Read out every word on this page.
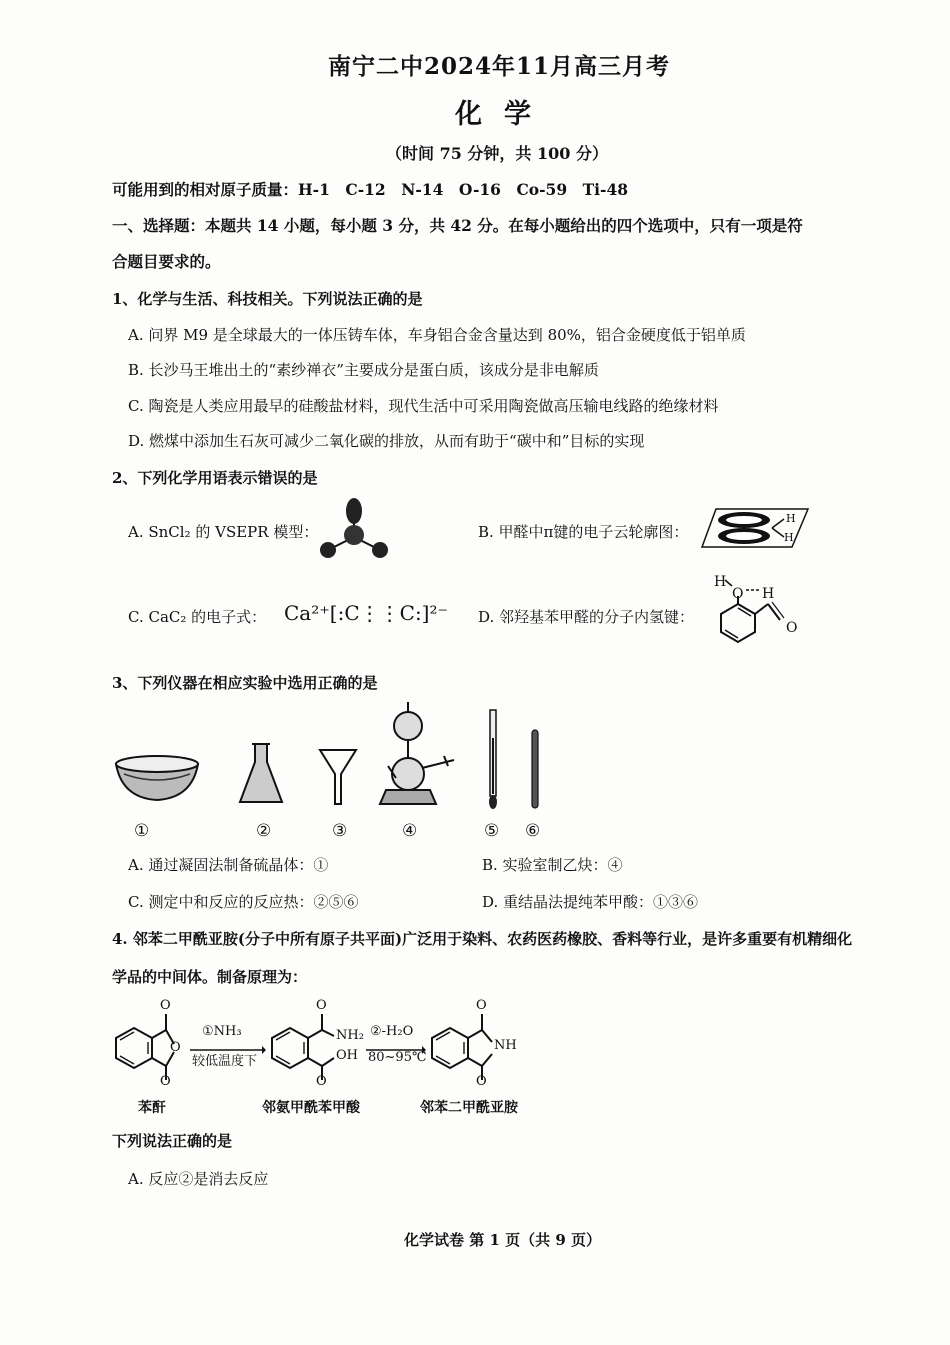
南宁二中2024年11月高三月考
化学
（时间 75 分钟，共 100 分）
可能用到的相对原子质量：H-1　C-12　N-14　O-16　Co-59　Ti-48
一、选择题：本题共 14 小题，每小题 3 分，共 42 分。在每小题给出的四个选项中，只有一项是符
合题目要求的。
1、化学与生活、科技相关。下列说法正确的是
A. 问界 M9 是全球最大的一体压铸车体，车身铝合金含量达到 80%，铝合金硬度低于铝单质
B. 长沙马王堆出土的“素纱禅衣”主要成分是蛋白质，该成分是非电解质
C. 陶瓷是人类应用最早的硅酸盐材料，现代生活中可采用陶瓷做高压输电线路的绝缘材料
D. 燃煤中添加生石灰可减少二氧化碳的排放，从而有助于“碳中和”目标的实现
2、下列化学用语表示错误的是
A. SnCl₂ 的 VSEPR 模型：	B. 甲醛中π键的电子云轮廓图：
H
H
C. CaC₂ 的电子式： Ca²⁺[:C⋮⋮C:]²⁻ D. 邻羟基苯甲醛的分子内氢键：
H
O H
O
3、下列仪器在相应实验中选用正确的是
①	②	③	④	⑤ ⑥
A. 通过凝固法制备硫晶体：①	B. 实验室制乙炔：④
C. 测定中和反应的反应热：②⑤⑥	D. 重结晶法提纯苯甲酸：①③⑥
4. 邻苯二甲酰亚胺(分子中所有原子共平面)广泛用于染料、农药医药橡胶、香料等行业，是许多重要有机精细化
学品的中间体。制备原理为：
O
O
O
①NH₃
较低温度下
O
NH₂
OH
O
②-H₂O
80~95℃
O
NH
O
苯酐	邻氨甲酰苯甲酸	邻苯二甲酰亚胺
下列说法正确的是
A. 反应②是消去反应
化学试卷 第 1 页（共 9 页）
